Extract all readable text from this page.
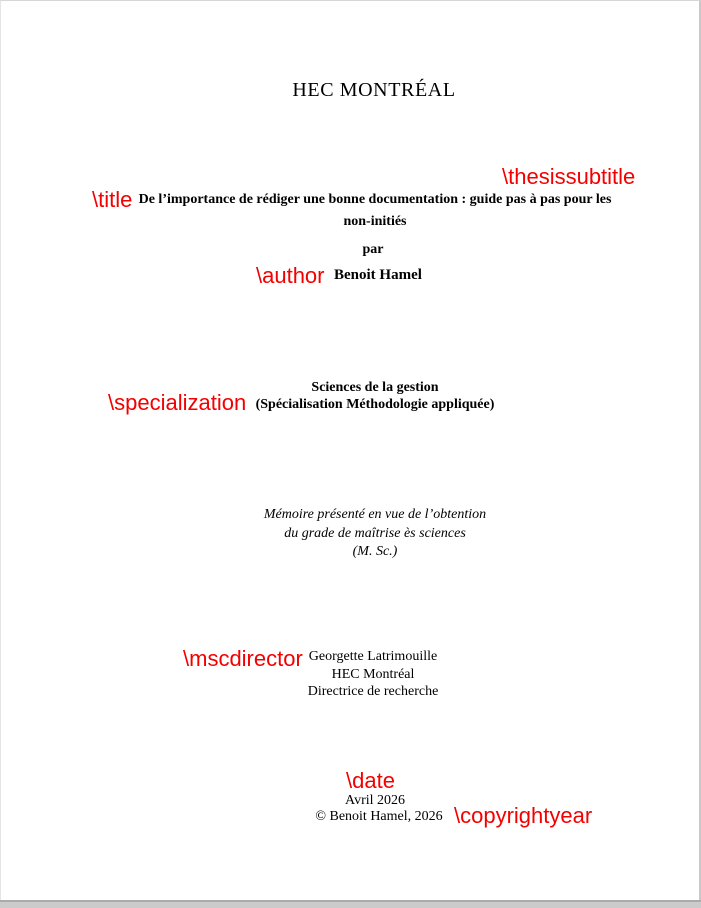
HEC MONTRÉAL
\thesissubtitle
\title De l’importance de rédiger une bonne documentation : guide pas à pas pour les
non-initiés
par
\author Benoit Hamel
\specialization
Sciences de la gestion
(Spécialisation Méthodologie appliquée)
Mémoire présenté en vue de l’obtention
du grade de maîtrise ès sciences
(M. Sc.)
\mscdirector Georgette Latrimouille
HEC Montréal
Directrice de recherche
\date
Avril 2026
© Benoit Hamel, 2026 \copyrightyear
